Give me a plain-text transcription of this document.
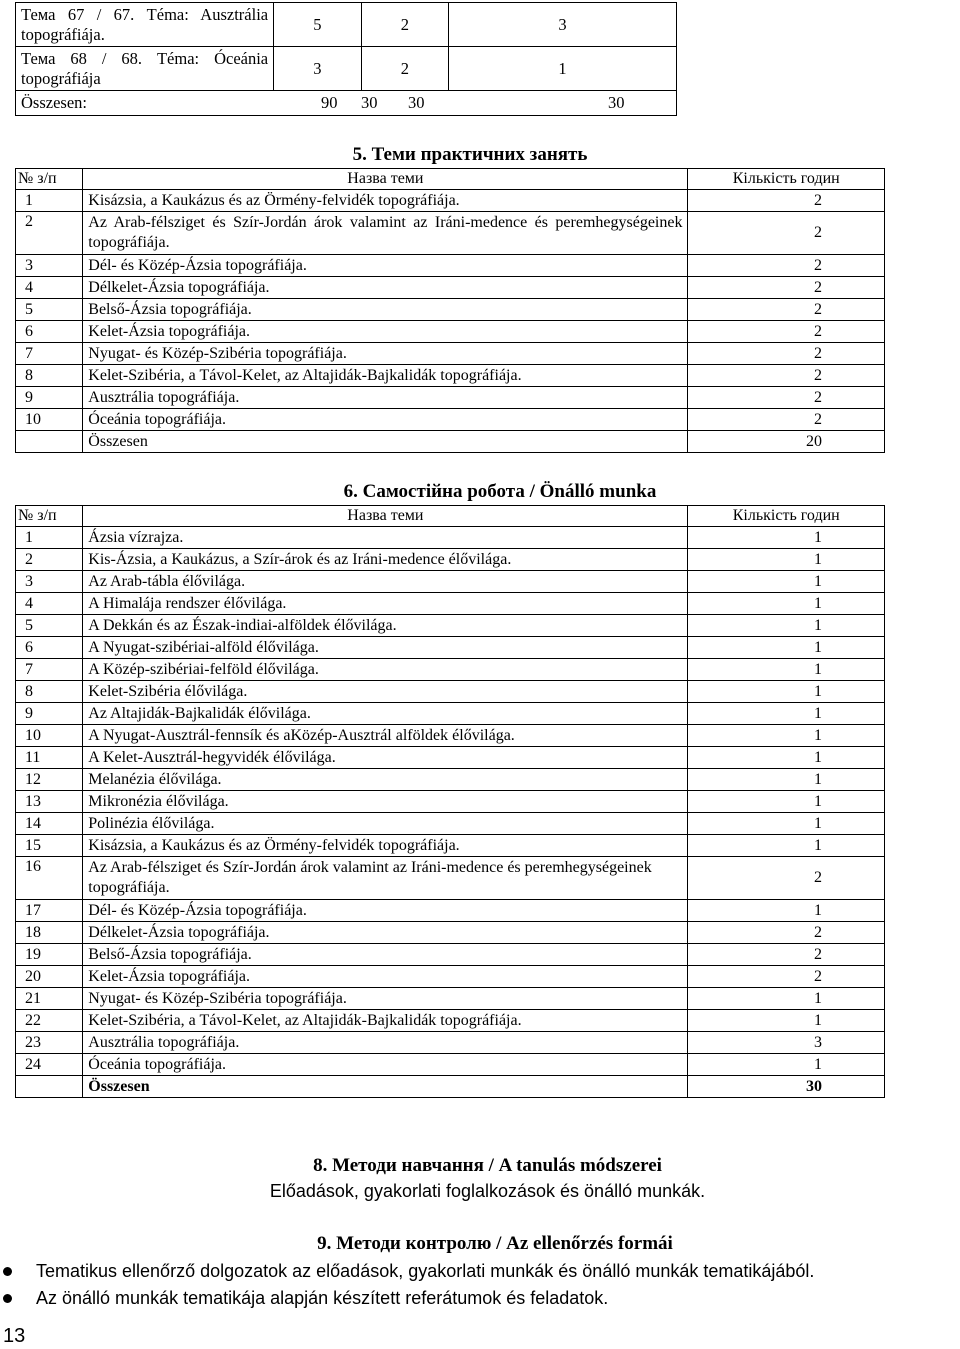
Тема 67 / 67. Téma: Ausztrália topográfiája.	5	2	3
Тема 68 / 68. Téma: Óceánia topográfiája	3	2	1

Összesen: 90 30 30 30			
5. Теми практичних занять
№ з/п	Назва теми	Кількість годин
1	Kisázsia, a Kaukázus és az Örmény-felvidék topográfiája.	2
2	Az Arab-félsziget és Szír-Jordán árok valamint az Iráni-medence és peremhegységeinek topográfiája.	2
3	Dél- és Közép-Ázsia topográfiája.	2
4	Délkelet-Ázsia topográfiája.	2
5	Belső-Ázsia topográfiája.	2
6	Kelet-Ázsia topográfiája.	2
7	Nyugat- és Közép-Szibéria topográfiája.	2
8	Kelet-Szibéria, a Távol-Kelet, az Altajidák-Bajkalidák topográfiája.	2
9	Ausztrália topográfiája.	2
10	Óceánia topográfiája.	2
	Összesen	20
6. Самостійна робота / Önálló munka
№ з/п	Назва теми	Кількість годин
1	Ázsia vízrajza.	1
2	Kis-Ázsia, a Kaukázus, a Szír-árok és az Iráni-medence élővilága.	1
3	Az Arab-tábla élővilága.	1
4	A Himalája rendszer élővilága.	1
5	A Dekkán és az Észak-indiai-alföldek élővilága.	1
6	A Nyugat-szibériai-alföld élővilága.	1
7	A Közép-szibériai-felföld élővilága.	1
8	Kelet-Szibéria élővilága.	1
9	Az Altajidák-Bajkalidák élővilága.	1
10	A Nyugat-Ausztrál-fennsík és aKözép-Ausztrál alföldek élővilága.	1
11	A Kelet-Ausztrál-hegyvidék élővilága.	1
12	Melanézia élővilága.	1
13	Mikronézia élővilága.	1
14	Polinézia élővilága.	1
15	Kisázsia, a Kaukázus és az Örmény-felvidék topográfiája.	1
16	Az Arab-félsziget és Szír-Jordán árok valamint az Iráni-medence és peremhegységeinek topográfiája.	2
17	Dél- és Közép-Ázsia topográfiája.	1
18	Délkelet-Ázsia topográfiája.	2
19	Belső-Ázsia topográfiája.	2
20	Kelet-Ázsia topográfiája.	2
21	Nyugat- és Közép-Szibéria topográfiája.	1
22	Kelet-Szibéria, a Távol-Kelet, az Altajidák-Bajkalidák topográfiája.	1
23	Ausztrália topográfiája.	3
24	Óceánia topográfiája.	1
	Összesen	30
8. Методи навчання / A tanulás módszerei
Előadások, gyakorlati foglalkozások és önálló munkák.
9. Методи контролю / Az ellenőrzés formái
Tematikus ellenőrző dolgozatok az előadások, gyakorlati munkák és önálló munkák tematikájából.
Az önálló munkák tematikája alapján készített referátumok és feladatok.
13
